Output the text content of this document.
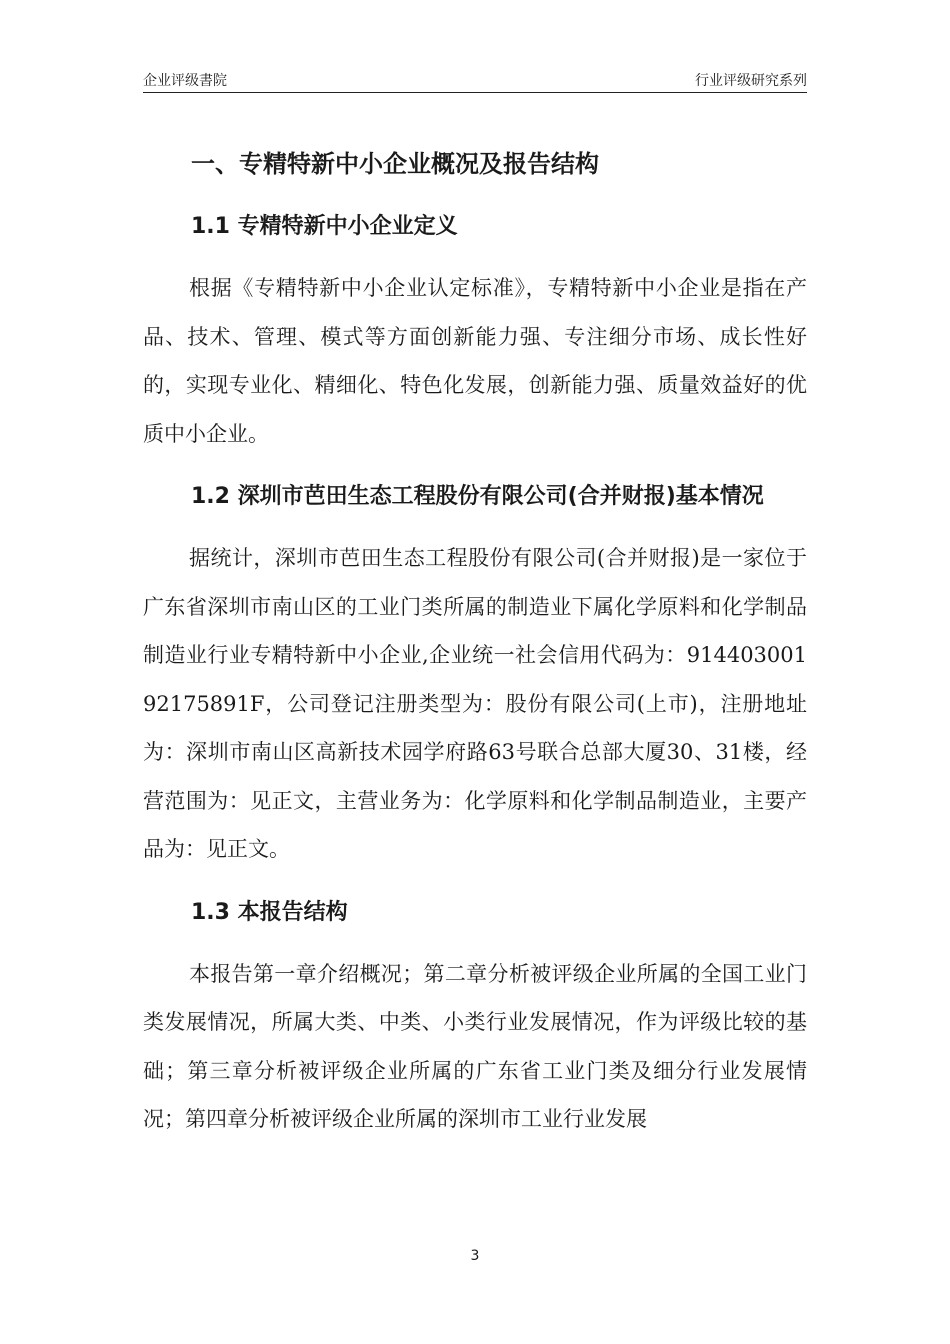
企业评级書院	行业评级研究系列
一、专精特新中小企业概况及报告结构
1.1 专精特新中小企业定义

根据《专精特新中小企业认定标准》，专精特新中小企业是指在产品、技术、管理、模式等方面创新能力强、专注细分市场、成长性好的，实现专业化、精细化、特色化发展，创新能力强、质量效益好的优质中小企业。

1.2 深圳市芭田生态工程股份有限公司(合并财报)基本情况

据统计，深圳市芭田生态工程股份有限公司(合并财报)是一家位于广东省深圳市南山区的工业门类所属的制造业下属化学原料和化学制品制造业行业专精特新中小企业,企业统一社会信用代码为：91440300192175891F，公司登记注册类型为：股份有限公司(上市)，注册地址为：深圳市南山区高新技术园学府路63号联合总部大厦30、31楼，经营范围为：见正文，主营业务为：化学原料和化学制品制造业，主要产品为：见正文。

1.3 本报告结构

本报告第一章介绍概况；第二章分析被评级企业所属的全国工业门类发展情况，所属大类、中类、小类行业发展情况，作为评级比较的基础；第三章分析被评级企业所属的广东省工业门类及细分行业发展情况；第四章分析被评级企业所属的深圳市工业行业发展

3
